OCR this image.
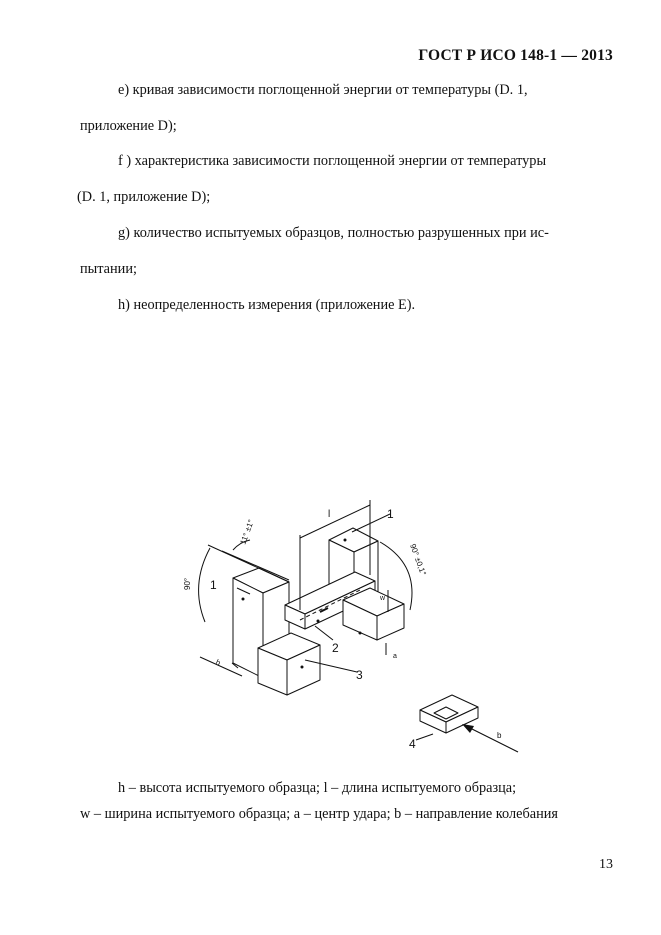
ГОСТ Р ИСО 148-1 — 2013
е) кривая зависимости поглощенной энергии от температуры (D. 1,
приложение D);
f ) характеристика зависимости поглощенной энергии от температуры
(D. 1, приложение D);
g) количество испытуемых образцов, полностью разрушенных при ис-
пытании;
h) неопределенность измерения (приложение Е).
l	1
1
2
3
4
a
b
w
h
90°
11° ±1°
90° ±0,1°
h – высота испытуемого образца; l – длина испытуемого образца;
w – ширина испытуемого образца; а – центр удара; b – направление колебания
13
